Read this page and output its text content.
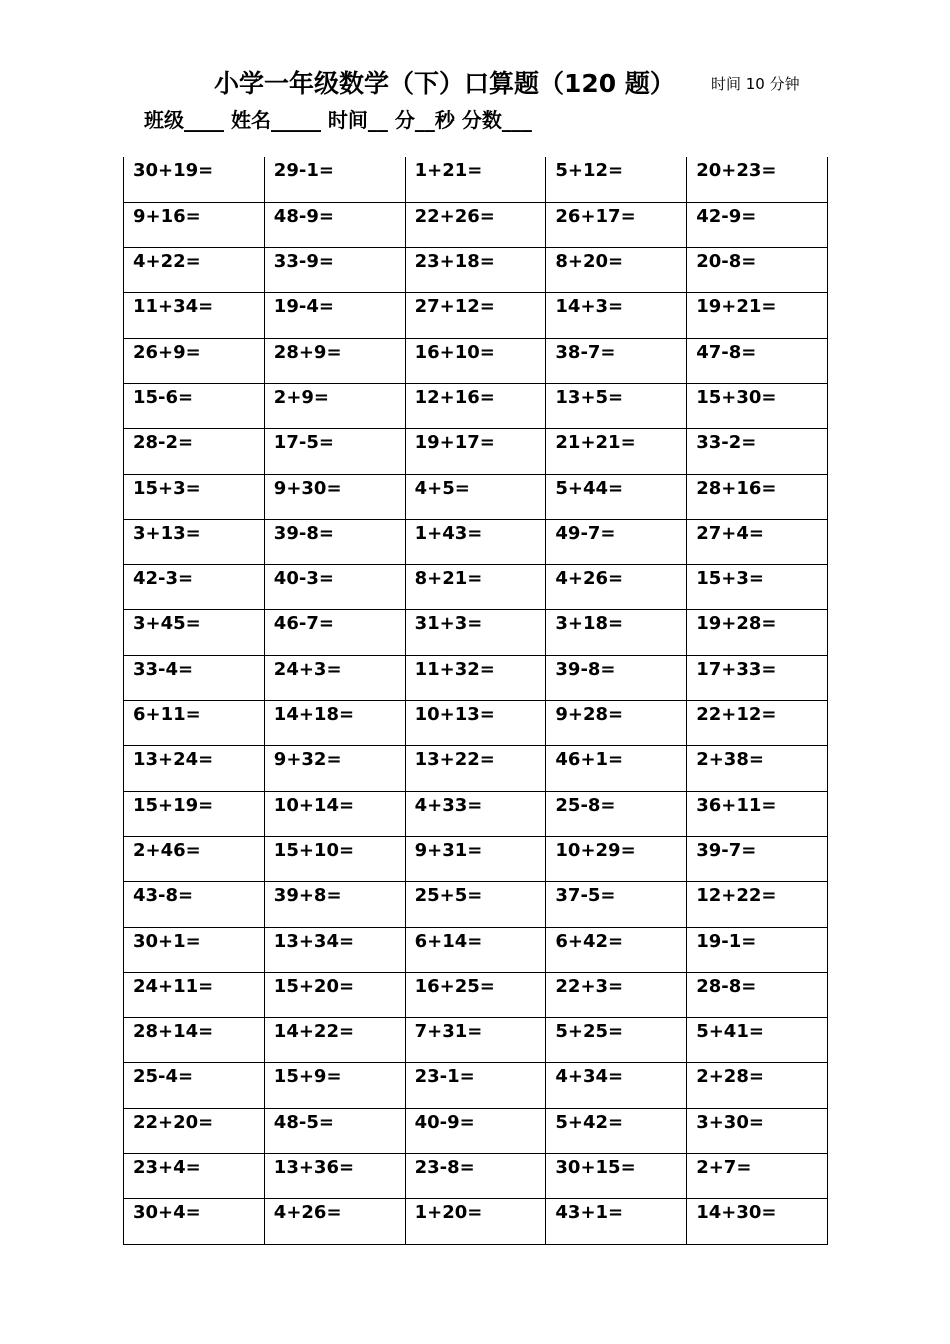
小学一年级数学（下）口算题（120 题） 时间 10 分钟
班级____ 姓名_____ 时间__ 分__秒 分数___
30+19=	29-1=	1+21=	5+12=	20+23=
9+16=	48-9=	22+26=	26+17=	42-9=
4+22=	33-9=	23+18=	8+20=	20-8=
11+34=	19-4=	27+12=	14+3=	19+21=
26+9=	28+9=	16+10=	38-7=	47-8=
15-6=	2+9=	12+16=	13+5=	15+30=
28-2=	17-5=	19+17=	21+21=	33-2=
15+3=	9+30=	4+5=	5+44=	28+16=
3+13=	39-8=	1+43=	49-7=	27+4=
42-3=	40-3=	8+21=	4+26=	15+3=
3+45=	46-7=	31+3=	3+18=	19+28=
33-4=	24+3=	11+32=	39-8=	17+33=
6+11=	14+18=	10+13=	9+28=	22+12=
13+24=	9+32=	13+22=	46+1=	2+38=
15+19=	10+14=	4+33=	25-8=	36+11=
2+46=	15+10=	9+31=	10+29=	39-7=
43-8=	39+8=	25+5=	37-5=	12+22=
30+1=	13+34=	6+14=	6+42=	19-1=
24+11=	15+20=	16+25=	22+3=	28-8=
28+14=	14+22=	7+31=	5+25=	5+41=
25-4=	15+9=	23-1=	4+34=	2+28=
22+20=	48-5=	40-9=	5+42=	3+30=
23+4=	13+36=	23-8=	30+15=	2+7=
30+4=	4+26=	1+20=	43+1=	14+30=
